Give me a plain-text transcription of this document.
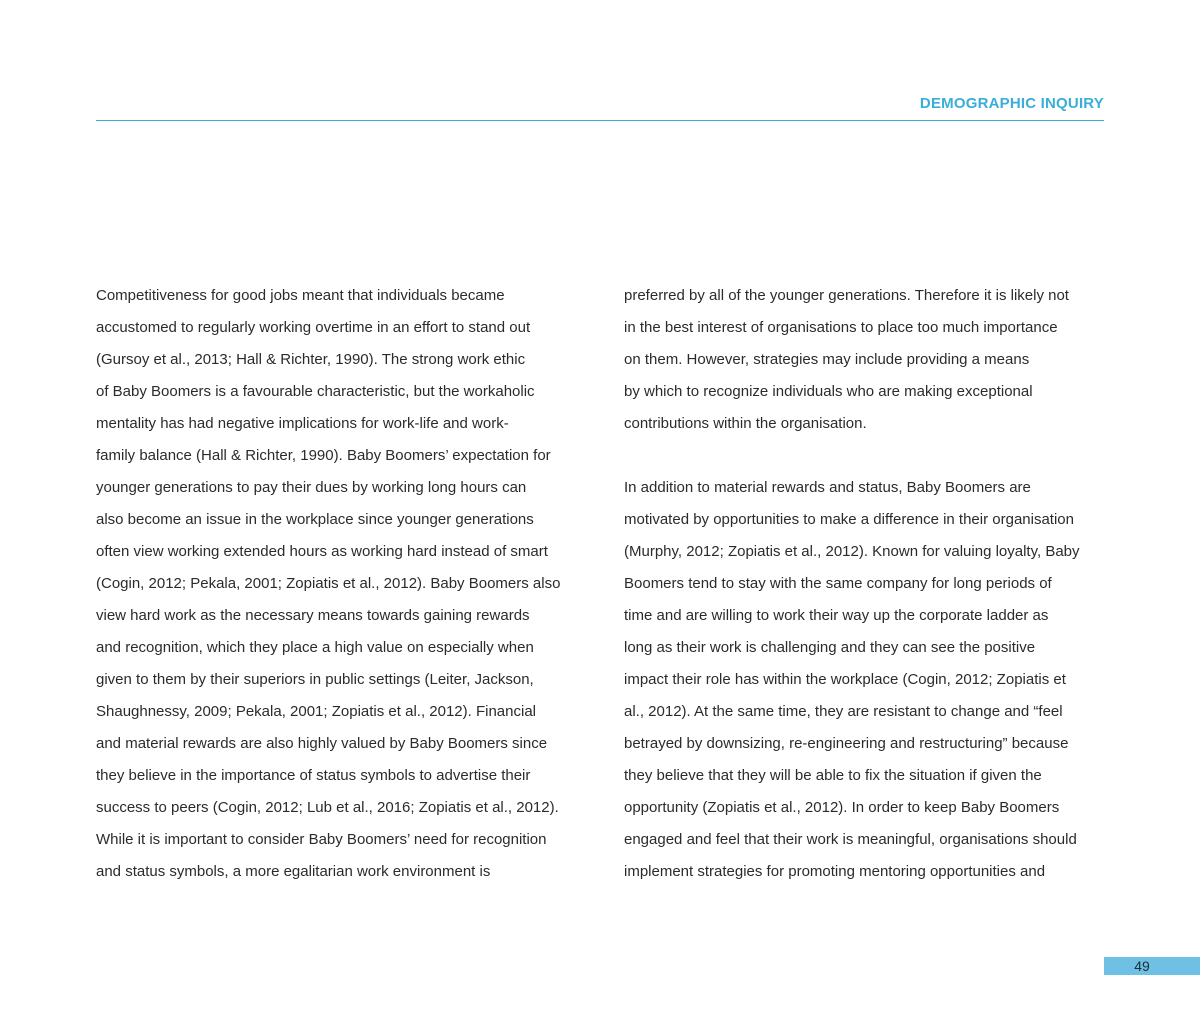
DEMOGRAPHIC INQUIRY
Competitiveness for good jobs meant that individuals became
accustomed to regularly working overtime in an effort to stand out
(Gursoy et al., 2013; Hall & Richter, 1990). The strong work ethic
of Baby Boomers is a favourable characteristic, but the workaholic
mentality has had negative implications for work-life and work-
family balance (Hall & Richter, 1990). Baby Boomers’ expectation for
younger generations to pay their dues by working long hours can
also become an issue in the workplace since younger generations
often view working extended hours as working hard instead of smart
(Cogin, 2012; Pekala, 2001; Zopiatis et al., 2012). Baby Boomers also
view hard work as the necessary means towards gaining rewards
and recognition, which they place a high value on especially when
given to them by their superiors in public settings (Leiter, Jackson,
Shaughnessy, 2009; Pekala, 2001; Zopiatis et al., 2012). Financial
and material rewards are also highly valued by Baby Boomers since
they believe in the importance of status symbols to advertise their
success to peers (Cogin, 2012; Lub et al., 2016; Zopiatis et al., 2012).
While it is important to consider Baby Boomers’ need for recognition
and status symbols, a more egalitarian work environment is
preferred by all of the younger generations. Therefore it is likely not
in the best interest of organisations to place too much importance
on them. However, strategies may include providing a means
by which to recognize individuals who are making exceptional
contributions within the organisation.
In addition to material rewards and status, Baby Boomers are
motivated by opportunities to make a difference in their organisation
(Murphy, 2012; Zopiatis et al., 2012). Known for valuing loyalty, Baby
Boomers tend to stay with the same company for long periods of
time and are willing to work their way up the corporate ladder as
long as their work is challenging and they can see the positive
impact their role has within the workplace (Cogin, 2012; Zopiatis et
al., 2012). At the same time, they are resistant to change and “feel
betrayed by downsizing, re-engineering and restructuring” because
they believe that they will be able to fix the situation if given the
opportunity (Zopiatis et al., 2012). In order to keep Baby Boomers
engaged and feel that their work is meaningful, organisations should
implement strategies for promoting mentoring opportunities and
49
